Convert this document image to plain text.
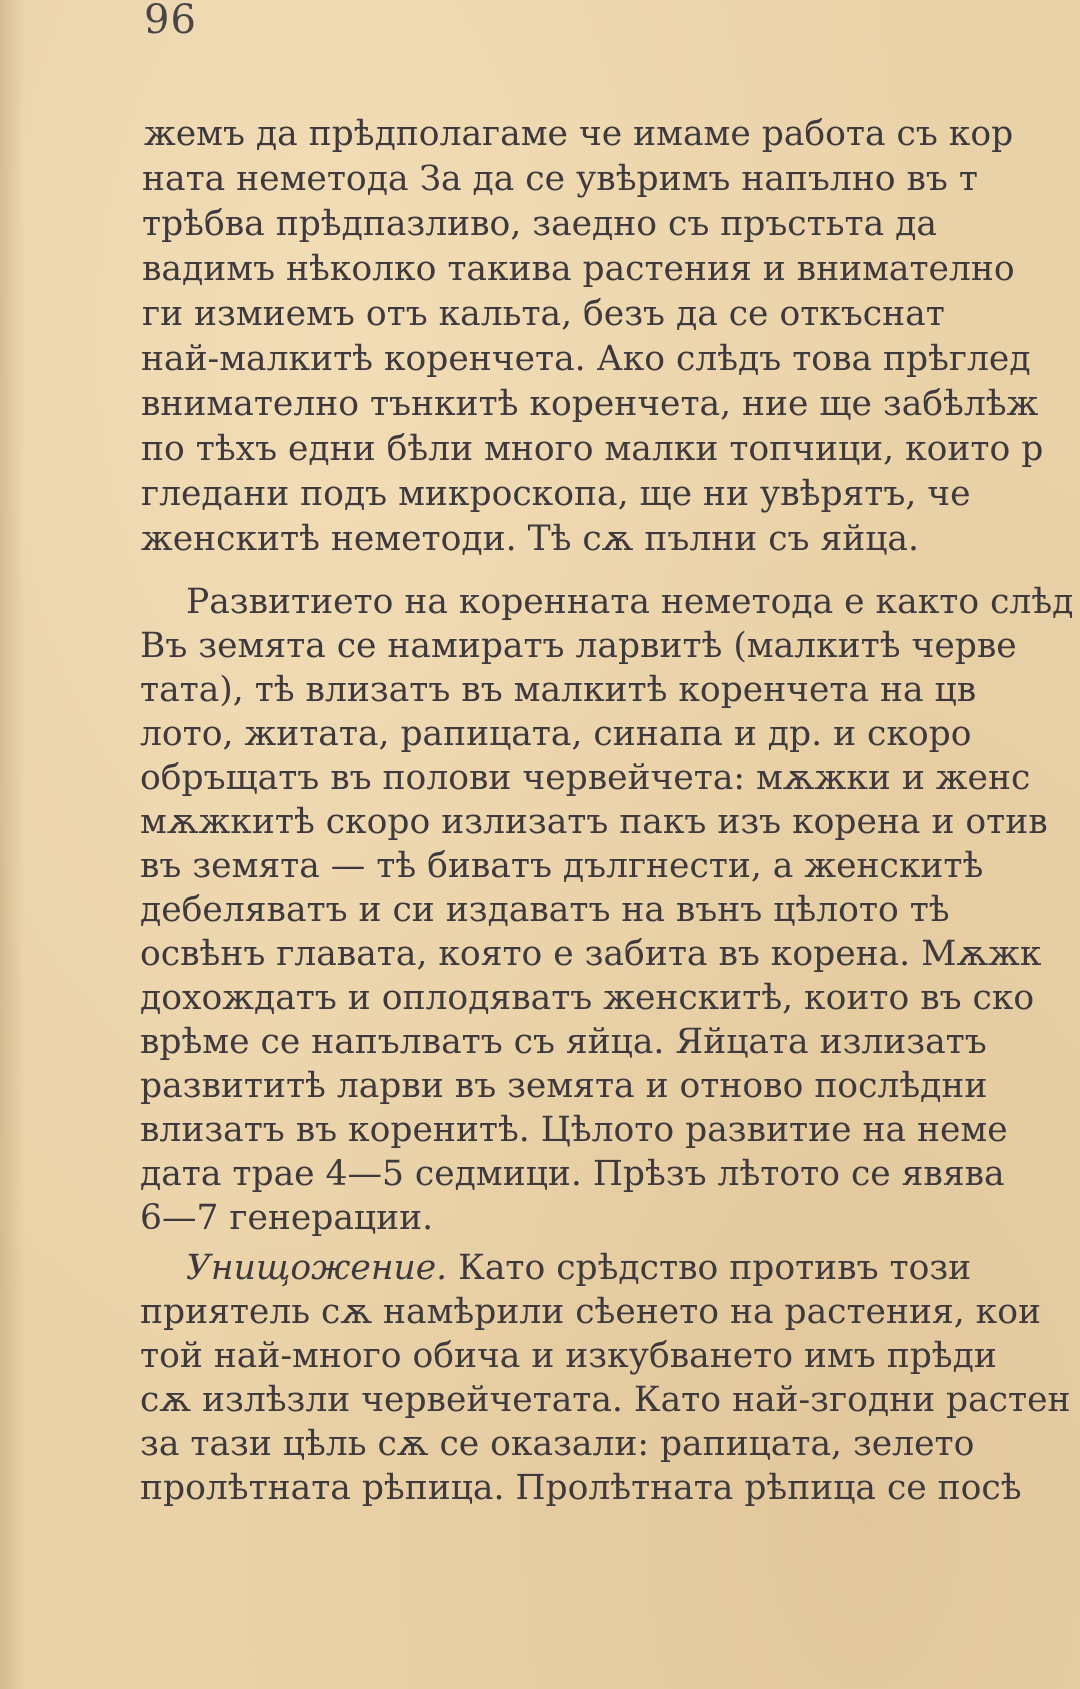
96

жемъ да прѣдполагаме че имаме работа съ кор

ната неметода За да се увѣримъ напълно въ т

трѣбва прѣдпазливо, заедно съ пръстьта да

вадимъ нѣколко такива растения и внимателно

ги измиемъ отъ кальта, безъ да се откъснат

най-малкитѣ коренчета. Ако слѣдъ това прѣглед

внимателно тънкитѣ коренчета, ние ще забѣлѣж

по тѣхъ едни бѣли много малки топчици, които р

гледани подъ микроскопа, ще ни увѣрятъ, че

женскитѣ неметоди. Тѣ сѫ пълни съ яйца.

Развитието на коренната неметода е както слѣд

Въ земята се намиратъ ларвитѣ (малкитѣ черве

тата), тѣ влизатъ въ малкитѣ коренчета на цв

лото, житата, рапицата, синапа и др. и скоро

обръщатъ въ полови червейчета: мѫжки и женс

мѫжкитѣ скоро излизатъ пакъ изъ корена и отив

въ земята — тѣ биватъ дългнести, а женскитѣ

дебеляватъ и си издаватъ на вънъ цѣлото тѣ

освѣнъ главата, която е забита въ корена. Мѫжк

дохождатъ и оплодяватъ женскитѣ, които въ ско

врѣме се напълватъ съ яйца. Яйцата излизатъ

развититѣ ларви въ земята и отново послѣдни

влизатъ въ коренитѣ. Цѣлото развитие на неме

дата трае 4—5 седмици. Прѣзъ лѣтото се явява

6—7 генерации.

Унищожение. Като срѣдство противъ този

приятель сѫ намѣрили сѣенето на растения, кои

той най-много обича и изкубването имъ прѣди

сѫ излѣзли червейчетата. Като най-згодни растен

за тази цѣль сѫ се оказали: рапицата, зелето

пролѣтната рѣпица. Пролѣтната рѣпица се посѣ
